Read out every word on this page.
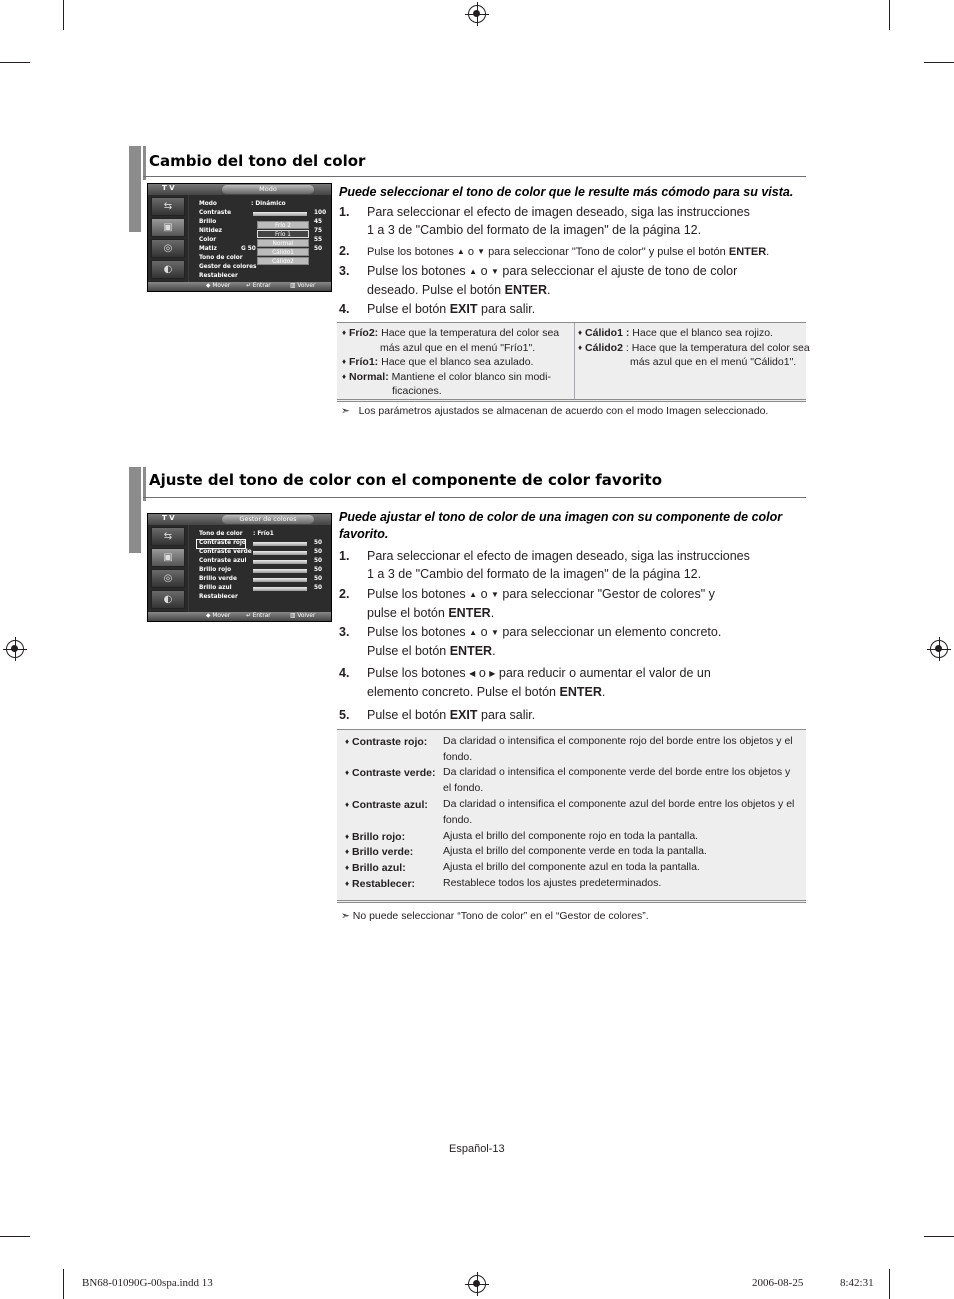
Cambio del tono del color
T V	Modo
⇆
▣
◎
◐
Modo	: Dinámico
Contraste	100
Brillo	45
Nitidez	75
Color	55
Matiz	G 50	50
Tono de color
Gestor de colores
Restablecer
Frío 2
Frío 1
Normal
Cálido1
Cálido2
◆ Mover	↵ Entrar	▥ Volver
Puede seleccionar el tono de color que le resulte más cómodo para su vista.
1. Para seleccionar el efecto de imagen deseado, siga las instrucciones
1 a 3 de "Cambio del formato de la imagen" de la página 12.
2. Pulse los botones ▲ o ▼ para seleccionar "Tono de color" y pulse el botón ENTER.
3. Pulse los botones ▲ o ▼ para seleccionar el ajuste de tono de color
deseado. Pulse el botón ENTER.
4. Pulse el botón EXIT para salir.
♦ Frío2: Hace que la temperatura del color sea
más azul que en el menú "Frío1".
♦ Frío1: Hace que el blanco sea azulado.
♦ Normal: Mantiene el color blanco sin modi-
ficaciones.
♦ Cálido1 : Hace que el blanco sea rojizo.
♦ Cálido2 : Hace que la temperatura del color sea
más azul que en el menú "Cálido1".
➣ Los parámetros ajustados se almacenan de acuerdo con el modo Imagen seleccionado.
Ajuste del tono de color con el componente de color favorito
T V	Gestor de colores
⇆
▣
◎
◐
Tono de color : Frío1
Contraste rojo	50
Contraste verde	50
Contraste azul	50
Brillo rojo	50
Brillo verde	50
Brillo azul	50
Restablecer
◆ Mover	↵ Entrar	▥ Volver
Puede ajustar el tono de color de una imagen con su componente de color
favorito.
1. Para seleccionar el efecto de imagen deseado, siga las instrucciones
1 a 3 de "Cambio del formato de la imagen" de la página 12.
2. Pulse los botones ▲ o ▼ para seleccionar "Gestor de colores" y
pulse el botón ENTER.
3. Pulse los botones ▲ o ▼ para seleccionar un elemento concreto.
Pulse el botón ENTER.
4. Pulse los botones ◀ o ▶ para reducir o aumentar el valor de un
elemento concreto. Pulse el botón ENTER.
5. Pulse el botón EXIT para salir.
♦ Contraste rojo: Da claridad o intensifica el componente rojo del borde entre los objetos y el
fondo.
♦ Contraste verde: Da claridad o intensifica el componente verde del borde entre los objetos y
el fondo.
♦ Contraste azul: Da claridad o intensifica el componente azul del borde entre los objetos y el
fondo.
♦ Brillo rojo:	Ajusta el brillo del componente rojo en toda la pantalla.
♦ Brillo verde:	Ajusta el brillo del componente verde en toda la pantalla.
♦ Brillo azul:	Ajusta el brillo del componente azul en toda la pantalla.
♦ Restablecer:	Restablece todos los ajustes predeterminados.
➣ No puede seleccionar “Tono de color” en el “Gestor de colores”.
Español-13
BN68-01090G-00spa.indd 13	2006-08-25	8:42:31
